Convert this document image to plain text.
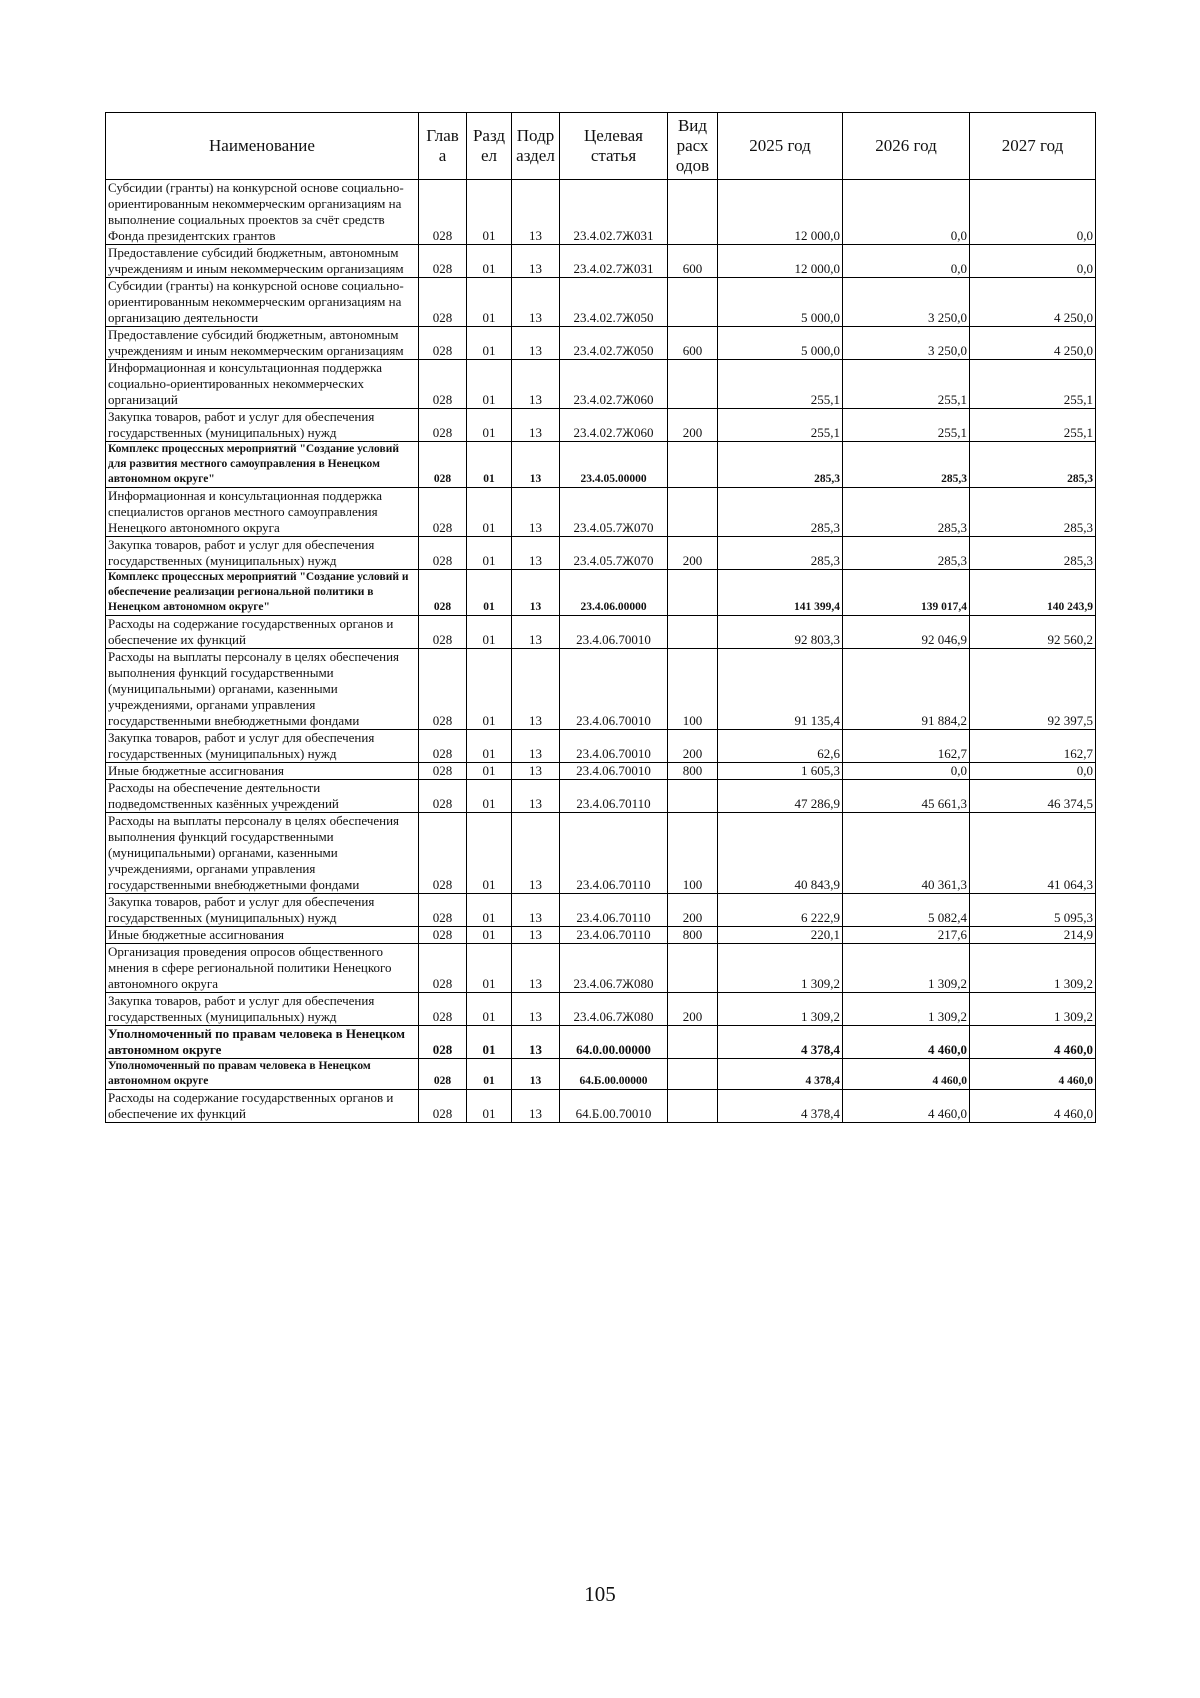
Наименование	Глав а	Разд ел	Подр аздел	Целевая статья	Вид расх одов	2025 год	2026 год	2027 год
Субсидии (гранты) на конкурсной основе социально-ориентированным некоммерческим организациям на выполнение социальных проектов за счёт средств Фонда президентских грантов	028	01	13	23.4.02.7Ж031		12 000,0	0,0	0,0
Предоставление субсидий бюджетным, автономным учреждениям и иным некоммерческим организациям	028	01	13	23.4.02.7Ж031	600	12 000,0	0,0	0,0
Субсидии (гранты) на конкурсной основе социально-ориентированным некоммерческим организациям на организацию деятельности	028	01	13	23.4.02.7Ж050		5 000,0	3 250,0	4 250,0
Предоставление субсидий бюджетным, автономным учреждениям и иным некоммерческим организациям	028	01	13	23.4.02.7Ж050	600	5 000,0	3 250,0	4 250,0
Информационная и консультационная поддержка социально-ориентированных некоммерческих организаций	028	01	13	23.4.02.7Ж060		255,1	255,1	255,1
Закупка товаров, работ и услуг для обеспечения государственных (муниципальных) нужд	028	01	13	23.4.02.7Ж060	200	255,1	255,1	255,1
Комплекс процессных мероприятий "Создание условий для развития местного самоуправления в Ненецком автономном округе"	028	01	13	23.4.05.00000		285,3	285,3	285,3
Информационная и консультационная поддержка специалистов органов местного самоуправления Ненецкого автономного округа	028	01	13	23.4.05.7Ж070		285,3	285,3	285,3
Закупка товаров, работ и услуг для обеспечения государственных (муниципальных) нужд	028	01	13	23.4.05.7Ж070	200	285,3	285,3	285,3
Комплекс процессных мероприятий "Создание условий и обеспечение реализации региональной политики в Ненецком автономном округе"	028	01	13	23.4.06.00000		141 399,4	139 017,4	140 243,9
Расходы на содержание государственных органов и обеспечение их функций	028	01	13	23.4.06.70010		92 803,3	92 046,9	92 560,2
Расходы на выплаты персоналу в целях обеспечения выполнения функций государственными (муниципальными) органами, казенными учреждениями, органами управления государственными внебюджетными фондами	028	01	13	23.4.06.70010	100	91 135,4	91 884,2	92 397,5
Закупка товаров, работ и услуг для обеспечения государственных (муниципальных) нужд	028	01	13	23.4.06.70010	200	62,6	162,7	162,7
Иные бюджетные ассигнования	028	01	13	23.4.06.70010	800	1 605,3	0,0	0,0
Расходы на обеспечение деятельности подведомственных казённых учреждений	028	01	13	23.4.06.70110		47 286,9	45 661,3	46 374,5
Расходы на выплаты персоналу в целях обеспечения выполнения функций государственными (муниципальными) органами, казенными учреждениями, органами управления государственными внебюджетными фондами	028	01	13	23.4.06.70110	100	40 843,9	40 361,3	41 064,3
Закупка товаров, работ и услуг для обеспечения государственных (муниципальных) нужд	028	01	13	23.4.06.70110	200	6 222,9	5 082,4	5 095,3
Иные бюджетные ассигнования	028	01	13	23.4.06.70110	800	220,1	217,6	214,9
Организация проведения опросов общественного мнения в сфере региональной политики Ненецкого автономного округа	028	01	13	23.4.06.7Ж080		1 309,2	1 309,2	1 309,2
Закупка товаров, работ и услуг для обеспечения государственных (муниципальных) нужд	028	01	13	23.4.06.7Ж080	200	1 309,2	1 309,2	1 309,2
Уполномоченный по правам человека в Ненецком автономном округе	028	01	13	64.0.00.00000		4 378,4	4 460,0	4 460,0
Уполномоченный по правам человека в Ненецком автономном округе	028	01	13	64.Б.00.00000		4 378,4	4 460,0	4 460,0
Расходы на содержание государственных органов и обеспечение их функций	028	01	13	64.Б.00.70010		4 378,4	4 460,0	4 460,0
105
